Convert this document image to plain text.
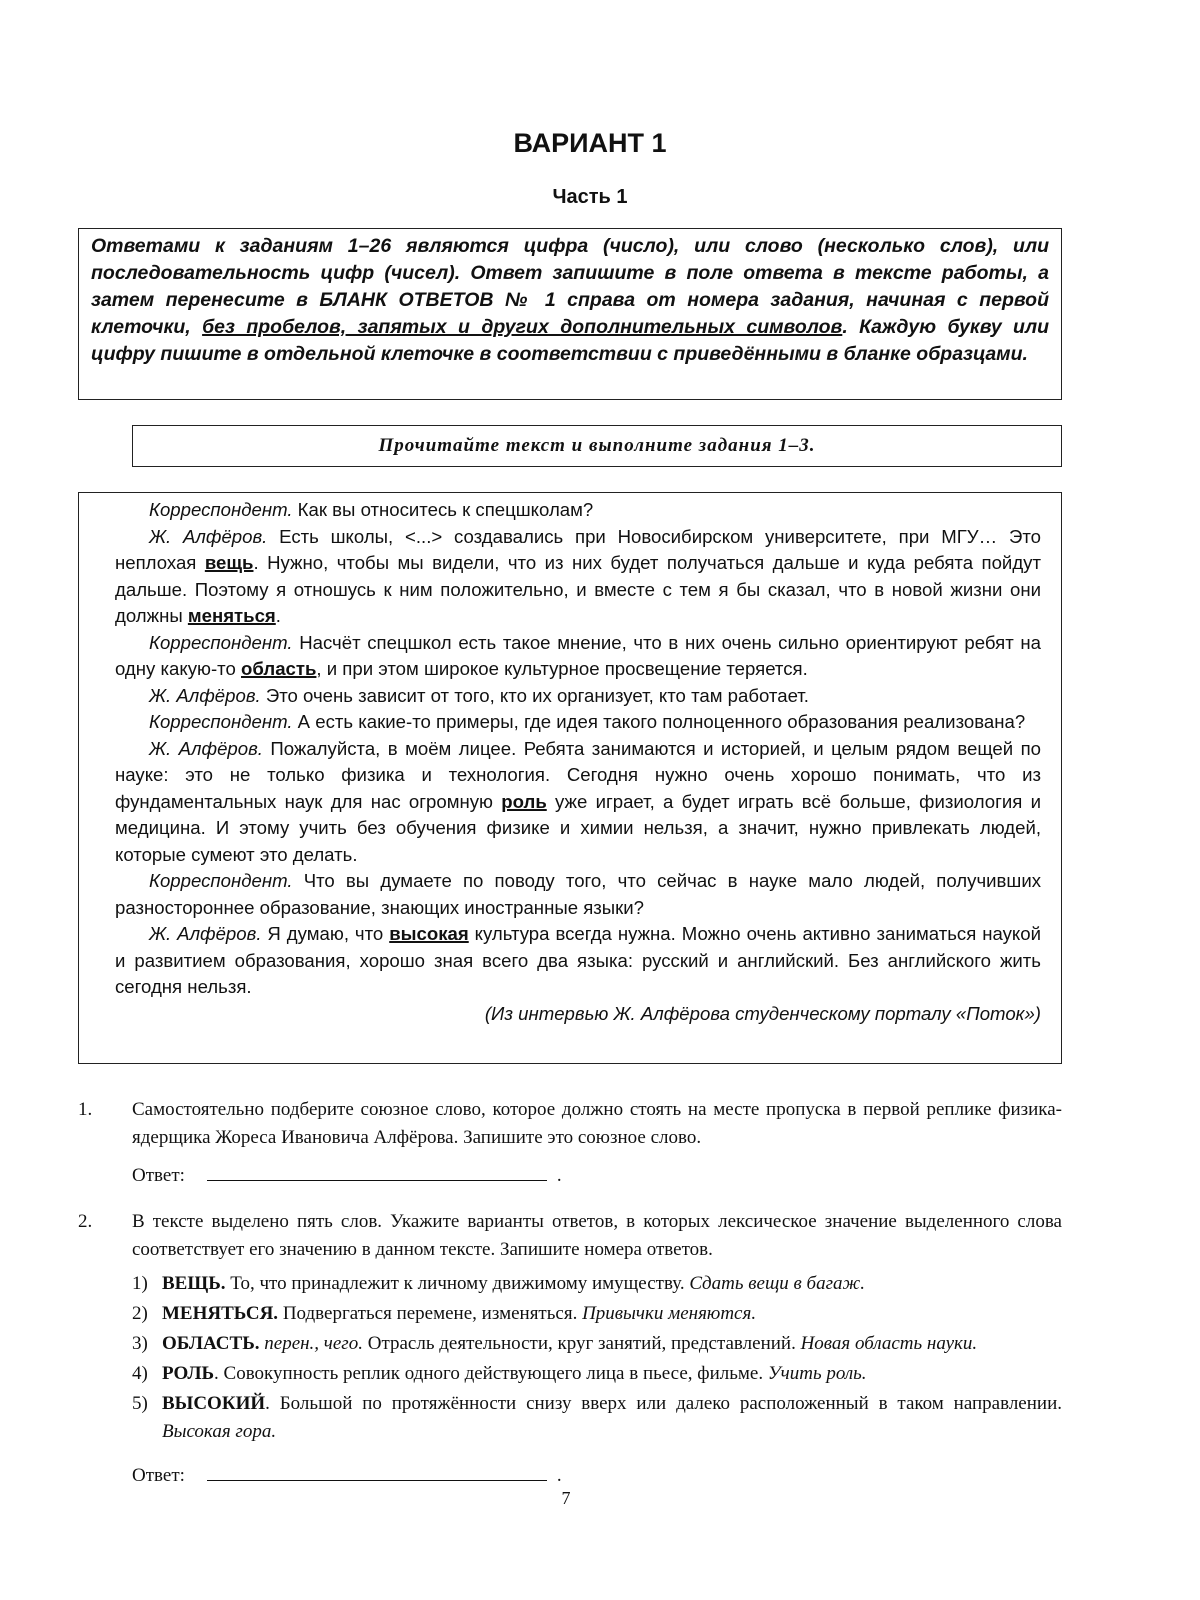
ВАРИАНТ 1
Часть 1
Ответами к заданиям 1–26 являются цифра (число), или слово (несколько слов), или последовательность цифр (чисел). Ответ запишите в поле ответа в тексте работы, а затем перенесите в БЛАНК ОТВЕТОВ № 1 справа от номера задания, начиная с первой клеточки, без пробелов, запятых и других дополнительных символов. Каждую букву или цифру пишите в отдельной клеточке в соответствии с приведёнными в бланке образцами.
Прочитайте текст и выполните задания 1–3.

Корреспондент. Как вы относитесь к спецшколам?

Ж. Алфёров. Есть школы, <...> создавались при Новосибирском университете, при МГУ… Это неплохая вещь. Нужно, чтобы мы видели, что из них будет получаться дальше и куда ребята пойдут дальше. Поэтому я отношусь к ним положительно, и вместе с тем я бы сказал, что в новой жизни они должны меняться.

Корреспондент. Насчёт спецшкол есть такое мнение, что в них очень сильно ориентируют ребят на одну какую-то область, и при этом широкое культурное просвещение теряется.

Ж. Алфёров. Это очень зависит от того, кто их организует, кто там работает.

Корреспондент. А есть какие-то примеры, где идея такого полноценного образования реализована?

Ж. Алфёров. Пожалуйста, в моём лицее. Ребята занимаются и историей, и целым рядом вещей по науке: это не только физика и технология. Сегодня нужно очень хорошо понимать, что из фундаментальных наук для нас огромную роль уже играет, а будет играть всё больше, физиология и медицина. И этому учить без обучения физике и химии нельзя, а значит, нужно привлекать людей, которые сумеют это делать.

Корреспондент. Что вы думаете по поводу того, что сейчас в науке мало людей, получивших разностороннее образование, знающих иностранные языки?

Ж. Алфёров. Я думаю, что высокая культура всегда нужна. Можно очень активно заниматься наукой и развитием образования, хорошо зная всего два языка: русский и английский. Без английского жить сегодня нельзя.

(Из интервью Ж. Алфёрова студенческому порталу «Поток»)

1. Самостоятельно подберите союзное слово, которое должно стоять на месте пропуска в первой реплике физика-ядерщика Жореса Ивановича Алфёрова. Запишите это союзное слово.
Ответ:	.
2. В тексте выделено пять слов. Укажите варианты ответов, в которых лексическое значение выделенного слова соответствует его значению в данном тексте. Запишите номера ответов.
1) ВЕЩЬ. То, что принадлежит к личному движимому имуществу. Сдать вещи в багаж.
2) МЕНЯТЬСЯ. Подвергаться перемене, изменяться. Привычки меняются.
3) ОБЛАСТЬ. перен., чего. Отрасль деятельности, круг занятий, представлений. Новая область науки.
4) РОЛЬ. Совокупность реплик одного действующего лица в пьесе, фильме. Учить роль.
5) ВЫСОКИЙ. Большой по протяжённости снизу вверх или далеко расположенный в таком направлении. Высокая гора.
Ответ:	.
7
